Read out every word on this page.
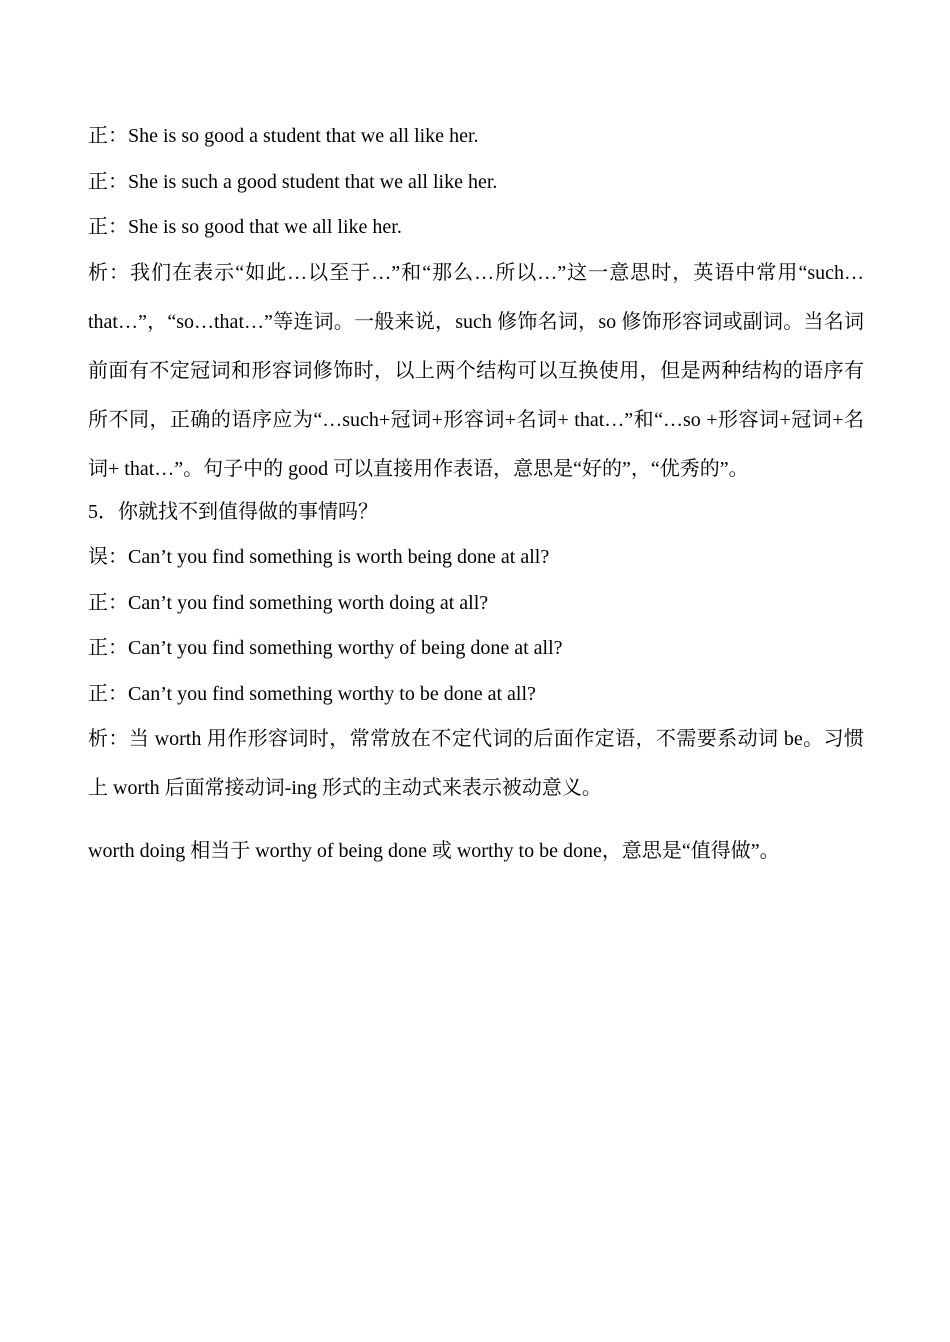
正：She is so good a student that we all like her.
正：She is such a good student that we all like her.
正：She is so good that we all like her.

析：我们在表示“如此…以至于…”和“那么…所以…”这一意思时，英语中常用“such…that…”，“so…that…”等连词。一般来说，such 修饰名词，so 修饰形容词或副词。当名词前面有不定冠词和形容词修饰时，以上两个结构可以互换使用，但是两种结构的语序有所不同，正确的语序应为“…such+冠词+形容词+名词+ that…”和“…so +形容词+冠词+名词+ that…”。句子中的 good 可以直接用作表语，意思是“好的”，“优秀的”。

5．你就找不到值得做的事情吗？
误：Can’t you find something is worth being done at all?
正：Can’t you find something worth doing at all?
正：Can’t you find something worthy of being done at all?
正：Can’t you find something worthy to be done at all?

析：当 worth 用作形容词时，常常放在不定代词的后面作定语，不需要系动词 be。习惯上 worth 后面常接动词-ing 形式的主动式来表示被动意义。

worth doing 相当于 worthy of being done 或 worthy to be done，意思是“值得做”。
